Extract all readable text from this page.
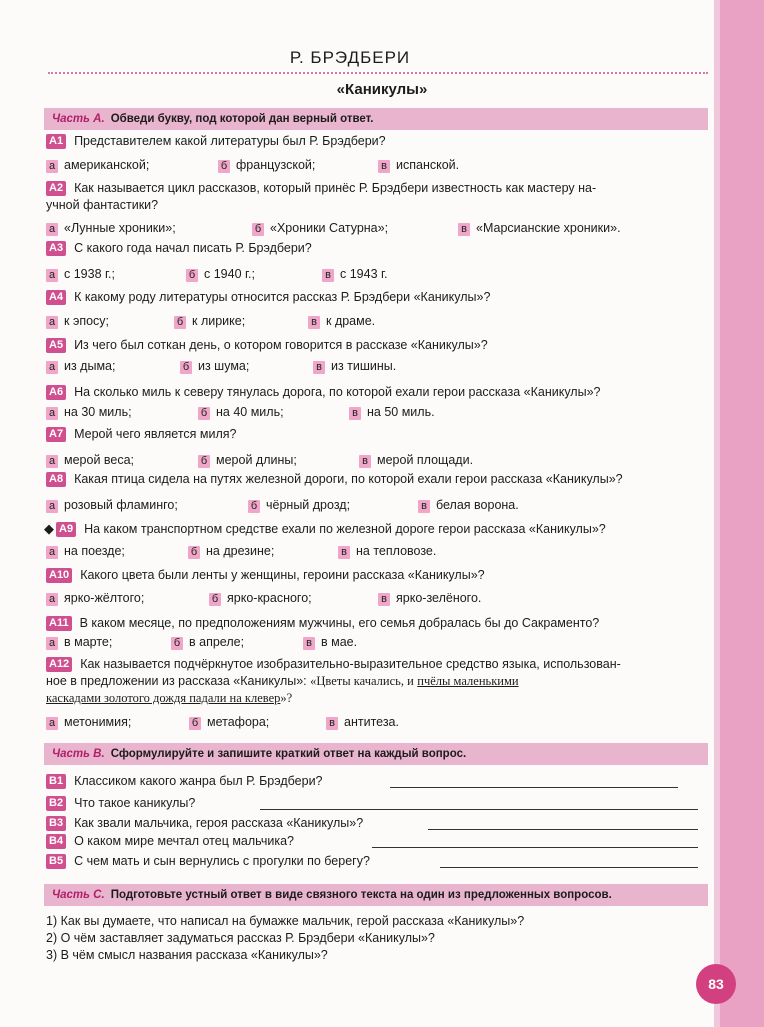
Р. БРЭДБЕРИ
«Каникулы»
Часть А. Обведи букву, под которой дан верный ответ.
А1 Представителем какой литературы был Р. Брэдбери?
а американской;	б французской;	в испанской.
А2 Как называется цикл рассказов, который принёс Р. Брэдбери известность как мастеру на-
учной фантастики?
а «Лунные хроники»;	б «Хроники Сатурна»;	в «Марсианские хроники».
А3 С какого года начал писать Р. Брэдбери?
а с 1938 г.;	б с 1940 г.;	в с 1943 г.
А4 К какому роду литературы относится рассказ Р. Брэдбери «Каникулы»?
а к эпосу;	б к лирике;	в к драме.
А5 Из чего был соткан день, о котором говорится в рассказе «Каникулы»?
а из дыма;	б из шума;	в из тишины.
А6 На сколько миль к северу тянулась дорога, по которой ехали герои рассказа «Каникулы»?
а на 30 миль;	б на 40 миль;	в на 50 миль.
А7 Мерой чего является миля?
а мерой веса;	б мерой длины;	в мерой площади.
А8 Какая птица сидела на путях железной дороги, по которой ехали герои рассказа «Каникулы»?
а розовый фламинго;	б чёрный дрозд;	в белая ворона.
◆ А9 На каком транспортном средстве ехали по железной дороге герои рассказа «Каникулы»?
а на поезде;	б на дрезине;	в на тепловозе.
А10 Какого цвета были ленты у женщины, героини рассказа «Каникулы»?
а ярко-жёлтого;	б ярко-красного;	в ярко-зелёного.
А11 В каком месяце, по предположениям мужчины, его семья добралась бы до Сакраменто?
а в марте;	б в апреле;	в в мае.
А12 Как называется подчёркнутое изобразительно-выразительное средство языка, использован-
ное в предложении из рассказа «Каникулы»: «Цветы качались, и пчёлы маленькими
каскадами золотого дождя падали на клевер»?
а метонимия;	б метафора;	в антитеза.
Часть В. Сформулируйте и запишите краткий ответ на каждый вопрос.
В1 Классиком какого жанра был Р. Брэдбери?
В2 Что такое каникулы?
В3 Как звали мальчика, героя рассказа «Каникулы»?
В4 О каком мире мечтал отец мальчика?
В5 С чем мать и сын вернулись с прогулки по берегу?
Часть С. Подготовьте устный ответ в виде связного текста на один из предложенных вопросов.
1) Как вы думаете, что написал на бумажке мальчик, герой рассказа «Каникулы»?
2) О чём заставляет задуматься рассказ Р. Брэдбери «Каникулы»?
3) В чём смысл названия рассказа «Каникулы»?
83
